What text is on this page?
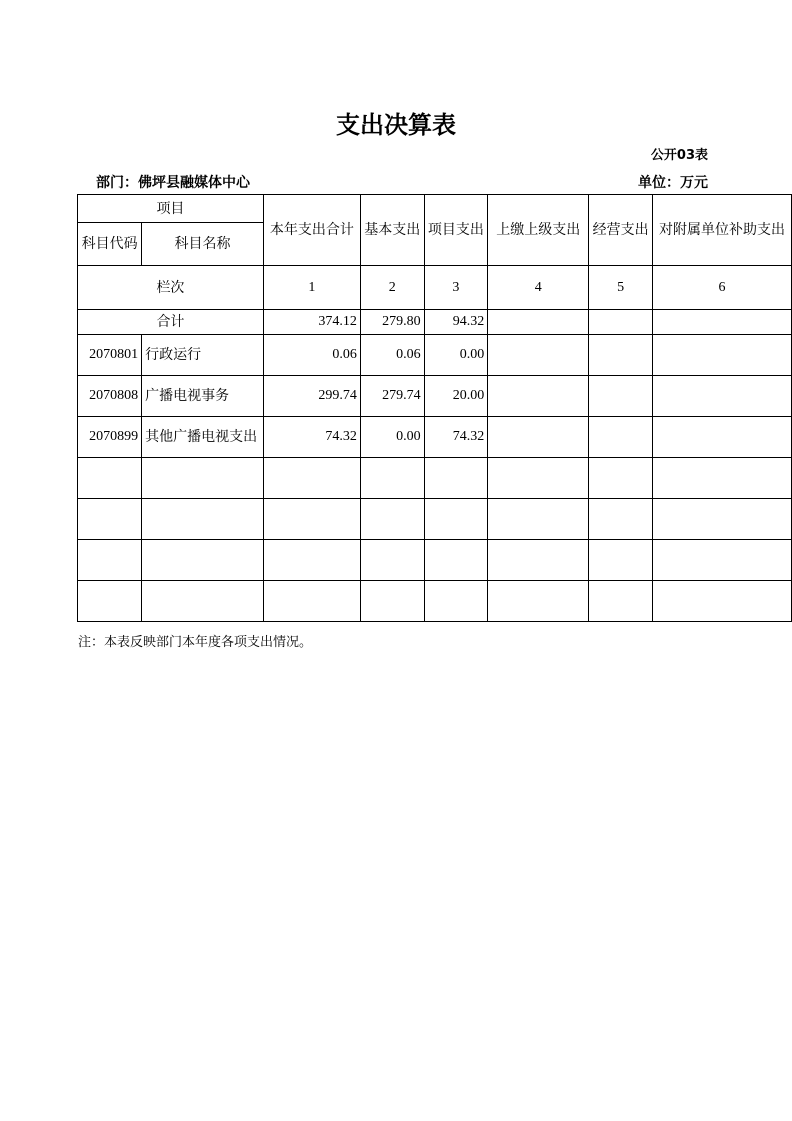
支出决算表
公开03表
部门：佛坪县融媒体中心	单位：万元
项目		本年支出合计	基本支出	项目支出	上缴上级支出	经营支出	对附属单位补助支出
科目代码	科目名称						
栏次		1	2	3	4	5	6
合计		374.12	279.80	94.32			
2070801	行政运行	0.06	0.06	0.00			
2070808	广播电视事务	299.74	279.74	20.00			
2070899	其他广播电视支出	74.32	0.00	74.32			

注：本表反映部门本年度各项支出情况。
